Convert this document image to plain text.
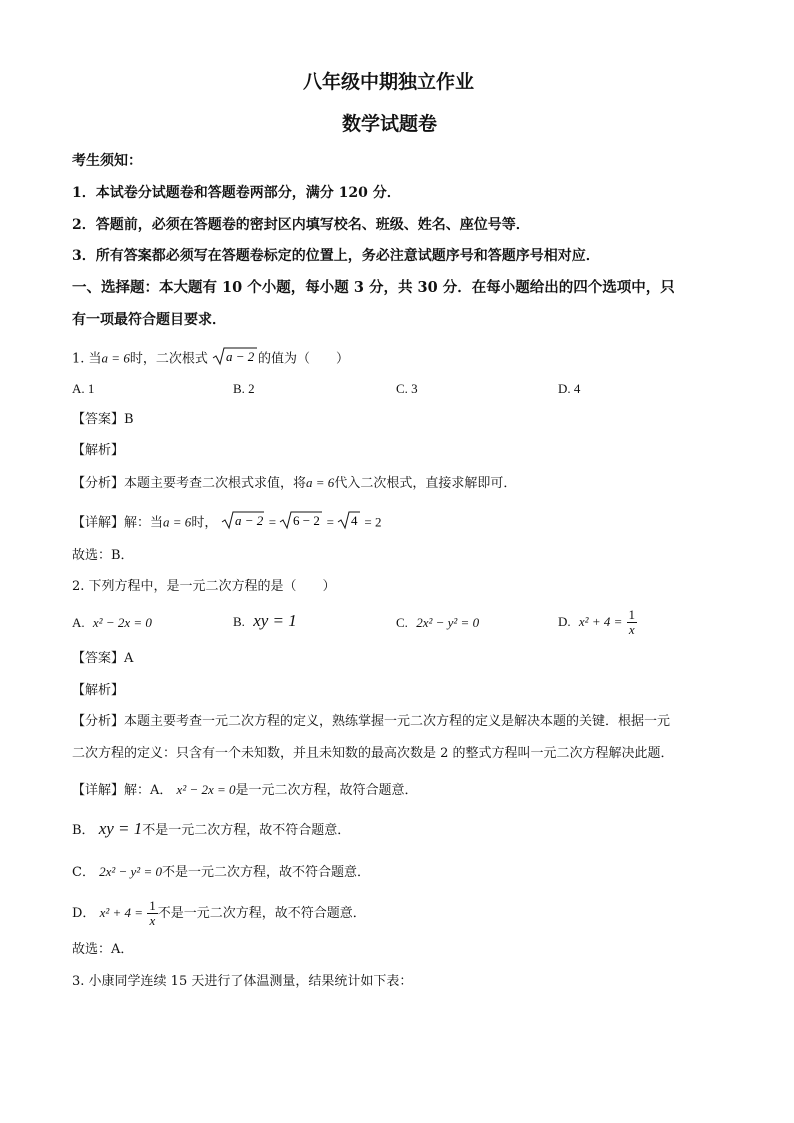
八年级中期独立作业
数学试题卷
考生须知：
1．本试卷分试题卷和答题卷两部分，满分 120 分．
2．答题前，必须在答题卷的密封区内填写校名、班级、姓名、座位号等．
3．所有答案都必须写在答题卷标定的位置上，务必注意试题序号和答题序号相对应．
一、选择题：本大题有 10 个小题，每小题 3 分，共 30 分．在每小题给出的四个选项中，只
有一项最符合题目要求．
1. 当a = 6时，二次根式 a − 2 的值为（　　）
A. 1	B. 2	C. 3	D. 4
【答案】B
【解析】
【分析】本题主要考查二次根式求值，将a = 6代入二次根式，直接求解即可．
【详解】解：当a = 6时， a − 2 = 6 − 2 = 4 = 2
故选：B．
2. 下列方程中，是一元二次方程的是（　　）
A. x² − 2x = 0	B. xy = 1	C. 2x² − y² = 0	D. $x^2 + 4 = \frac{1}{x}$
【答案】A
【解析】
【分析】本题主要考查一元二次方程的定义，熟练掌握一元二次方程的定义是解决本题的关键．根据一元
二次方程的定义：只含有一个未知数，并且未知数的最高次数是 2 的整式方程叫一元二次方程解决此题．
【详解】解：A． x² − 2x = 0是一元二次方程，故符合题意．
B． xy = 1不是一元二次方程，故不符合题意．
C． 2x² − y² = 0不是一元二次方程，故不符合题意．
D． $x^2 + 4 = \frac{1}{x}$ 不是一元二次方程，故不符合题意．
故选：A．
3. 小康同学连续 15 天进行了体温测量，结果统计如下表：
